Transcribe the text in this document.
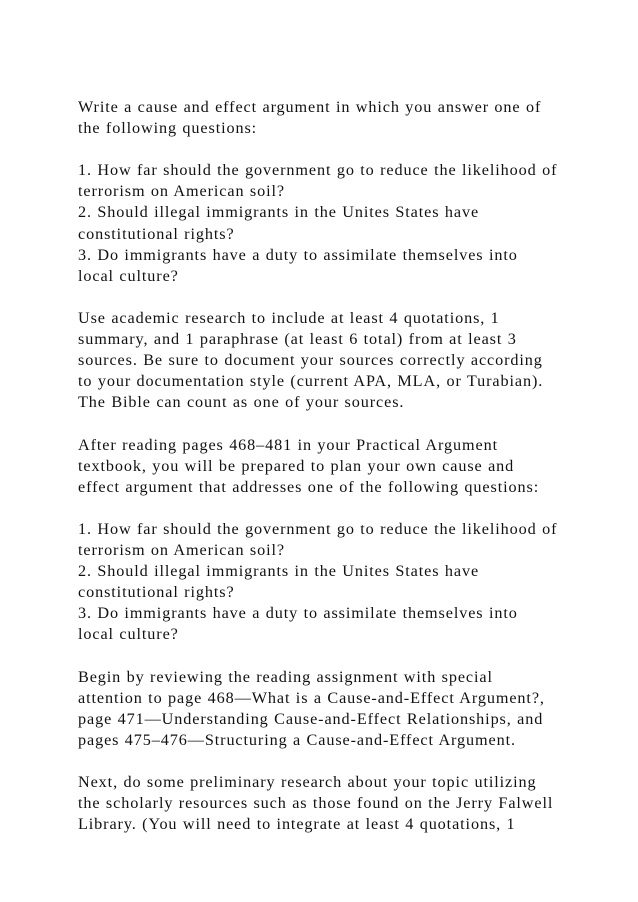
Write a cause and effect argument in which you answer one of
the following questions:

1. How far should the government go to reduce the likelihood of
terrorism on American soil?
2. Should illegal immigrants in the Unites States have
constitutional rights?
3. Do immigrants have a duty to assimilate themselves into
local culture?

Use academic research to include at least 4 quotations, 1
summary, and 1 paraphrase (at least 6 total) from at least 3
sources. Be sure to document your sources correctly according
to your documentation style (current APA, MLA, or Turabian).
The Bible can count as one of your sources.

After reading pages 468–481 in your Practical Argument
textbook, you will be prepared to plan your own cause and
effect argument that addresses one of the following questions:

1. How far should the government go to reduce the likelihood of
terrorism on American soil?
2. Should illegal immigrants in the Unites States have
constitutional rights?
3. Do immigrants have a duty to assimilate themselves into
local culture?

Begin by reviewing the reading assignment with special
attention to page 468—What is a Cause-and-Effect Argument?,
page 471—Understanding Cause-and-Effect Relationships, and
pages 475–476—Structuring a Cause-and-Effect Argument.

Next, do some preliminary research about your topic utilizing
the scholarly resources such as those found on the Jerry Falwell
Library. (You will need to integrate at least 4 quotations, 1
